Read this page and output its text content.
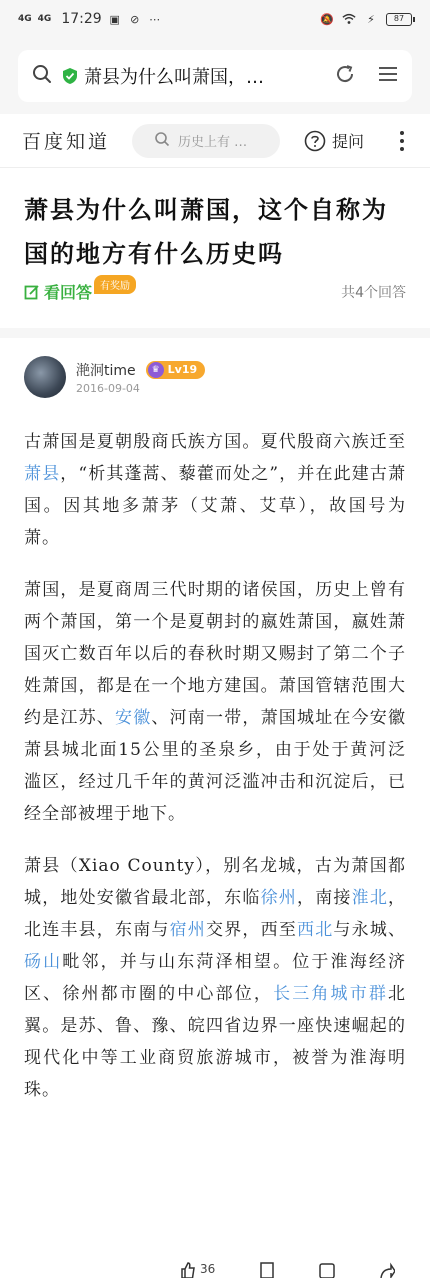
4G 4G 17:29 ▣ ⊘ ⋯	🔕	⚡	87
萧县为什么叫萧国，…
百度知道	历史上有 …	提问
萧县为什么叫萧国，这个自称为国的地方有什么历史吗
看回答 有奖励	共4个回答
滟泂time	♛ Lv19
2016-09-04

古萧国是夏朝殷商氏族方国。夏代殷商六族迁至萧县，“析其蓬蒿、藜藿而处之”，并在此建古萧国。因其地多萧茅（艾萧、艾草），故国号为萧。

萧国，是夏商周三代时期的诸侯国，历史上曾有两个萧国，第一个是夏朝封的嬴姓萧国，嬴姓萧国灭亡数百年以后的春秋时期又赐封了第二个子姓萧国，都是在一个地方建国。萧国管辖范围大约是江苏、安徽、河南一带，萧国城址在今安徽萧县城北面15公里的圣泉乡，由于处于黄河泛滥区，经过几千年的黄河泛滥冲击和沉淀后，已经全部被埋于地下。

萧县（Xiao County），别名龙城，古为萧国都城，地处安徽省最北部，东临徐州，南接淮北，北连丰县，东南与宿州交界，西至西北与永城、砀山毗邻，并与山东菏泽相望。位于淮海经济区、徐州都市圈的中心部位，长三角城市群北翼。是苏、鲁、豫、皖四省边界一座快速崛起的现代化中等工业商贸旅游城市，被誉为淮海明珠。

36
